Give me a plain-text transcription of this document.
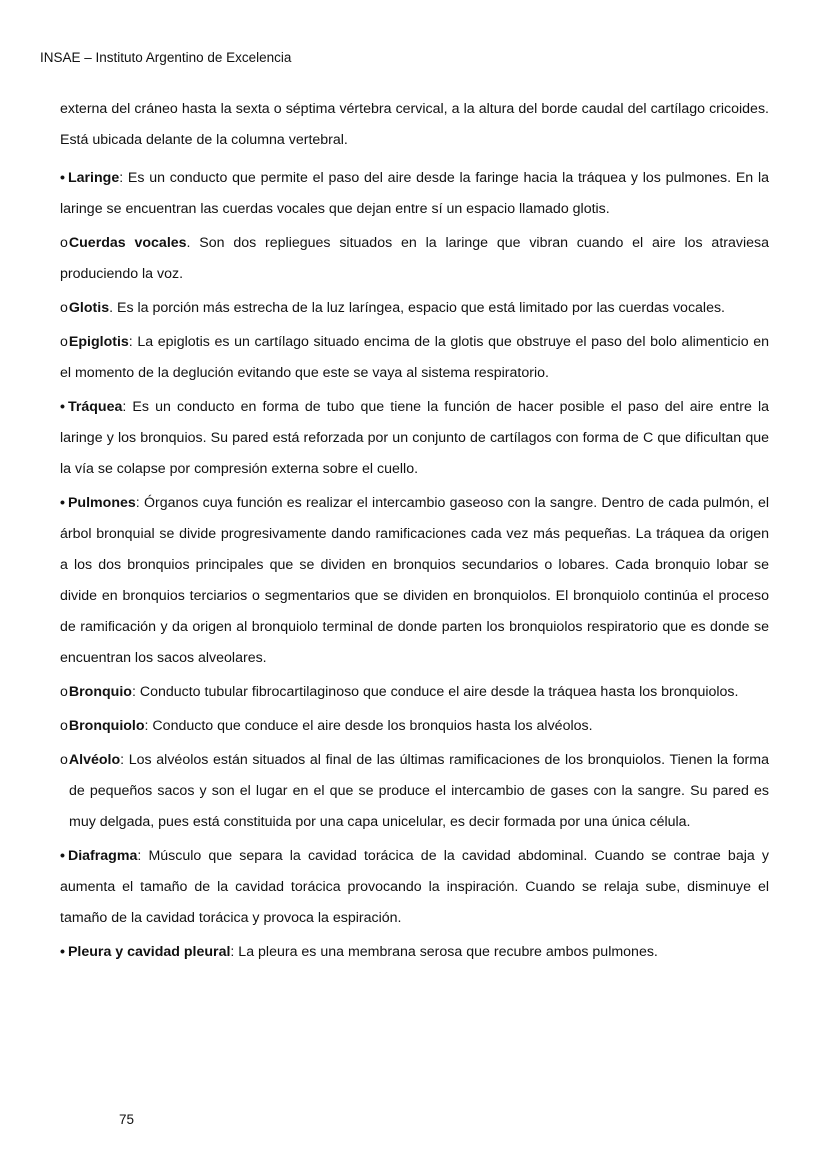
INSAE – Instituto Argentino de Excelencia

externa del cráneo hasta la sexta o séptima vértebra cervical, a la altura del borde caudal del cartílago cricoides. Está ubicada delante de la columna vertebral.

• Laringe: Es un conducto que permite el paso del aire desde la faringe hacia la tráquea y los pulmones. En la laringe se encuentran las cuerdas vocales que dejan entre sí un espacio llamado glotis.

oCuerdas vocales. Son dos repliegues situados en la laringe que vibran cuando el aire los atraviesa produciendo la voz.

oGlotis. Es la porción más estrecha de la luz laríngea, espacio que está limitado por las cuerdas vocales.

oEpiglotis: La epiglotis es un cartílago situado encima de la glotis que obstruye el paso del bolo alimenticio en el momento de la deglución evitando que este se vaya al sistema respiratorio.

• Tráquea: Es un conducto en forma de tubo que tiene la función de hacer posible el paso del aire entre la laringe y los bronquios. Su pared está reforzada por un conjunto de cartílagos con forma de C que dificultan que la vía se colapse por compresión externa sobre el cuello.

• Pulmones: Órganos cuya función es realizar el intercambio gaseoso con la sangre. Dentro de cada pulmón, el árbol bronquial se divide progresivamente dando ramificaciones cada vez más pequeñas. La tráquea da origen a los dos bronquios principales que se dividen en bronquios secundarios o lobares. Cada bronquio lobar se divide en bronquios terciarios o segmentarios que se dividen en bronquiolos. El bronquiolo continúa el proceso de ramificación y da origen al bronquiolo terminal de donde parten los bronquiolos respiratorio que es donde se encuentran los sacos alveolares.

oBronquio: Conducto tubular fibrocartilaginoso que conduce el aire desde la tráquea hasta los bronquiolos.

oBronquiolo: Conducto que conduce el aire desde los bronquios hasta los alvéolos.

oAlvéolo: Los alvéolos están situados al final de las últimas ramificaciones de los bronquiolos. Tienen la forma de pequeños sacos y son el lugar en el que se produce el intercambio de gases con la sangre. Su pared es muy delgada, pues está constituida por una capa unicelular, es decir formada por una única célula.

• Diafragma: Músculo que separa la cavidad torácica de la cavidad abdominal. Cuando se contrae baja y aumenta el tamaño de la cavidad torácica provocando la inspiración. Cuando se relaja sube, disminuye el tamaño de la cavidad torácica y provoca la espiración.

• Pleura y cavidad pleural: La pleura es una membrana serosa que recubre ambos pulmones.

75
